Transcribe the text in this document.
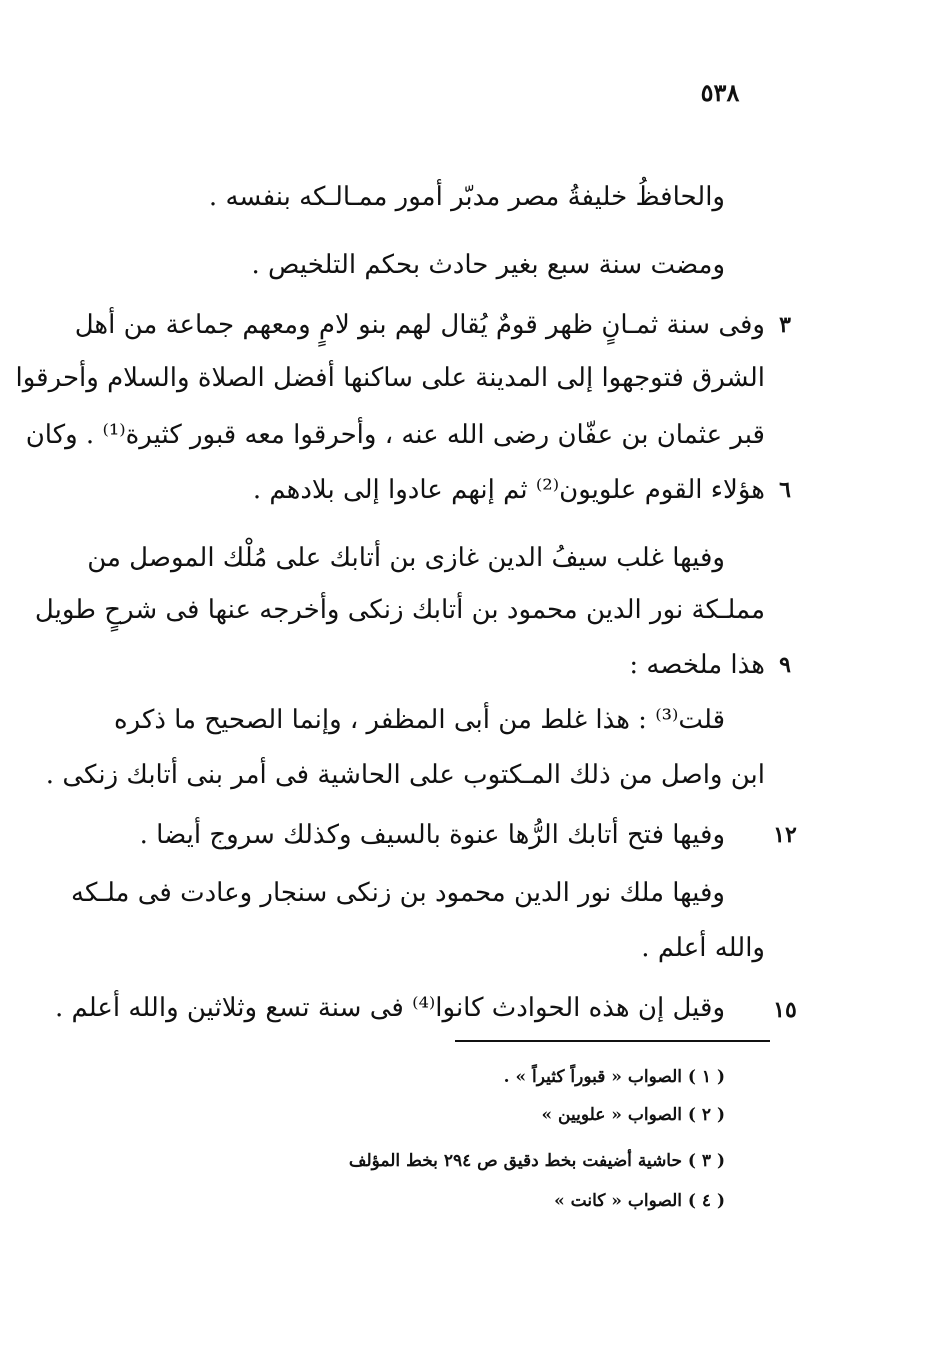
٥٣٨
والحافظُ خليفةُ مصر مدبّر أمور ممـالـكه بنفسه .
ومضت سنة سبع بغير حادث بحكم التلخيص .
وفى سنة ثمـانٍ ظهر قومٌ يُقال لهم بنو لامٍ ومعهم جماعة من أهل ٣
الشرق فتوجهوا إلى المدينة على ساكنها أفضل الصلاة والسلام وأحرقوا
قبر عثمان بن عفّان رضى الله عنه ، وأحرقوا معه قبور كثيرة⁽¹⁾ . وكان
هؤلاء القوم علويون⁽²⁾ ثم إنهم عادوا إلى بلادهم . ٦
وفيها غلب سيفُ الدين غازى بن أتابك على مُلْك الموصل من
مملـكة نور الدين محمود بن أتابك زنكى وأخرجه عنها فى شرحٍ طويل
هذا ملخصه : ٩
قلت⁽³⁾ : هذا غلط من أبى المظفر ، وإنما الصحيح ما ذكره
ابن واصل من ذلك المـكتوب على الحاشية فى أمر بنى أتابك زنكى .
وفيها فتح أتابك الرُّها عنوة بالسيف وكذلك سروج أيضا .	١٢
وفيها ملك نور الدين محمود بن زنكى سنجار وعادت فى ملـكه
والله أعلم .
وقيل إن هذه الحوادث كانوا⁽⁴⁾ فى سنة تسع وثلاثين والله أعلم .	١٥
( ١ ) الصواب « قبوراً كثيراً » .
( ٢ ) الصواب « علويين »
( ٣ ) حاشية أضيفت بخط دقيق ص ٢٩٤ بخط المؤلف
( ٤ ) الصواب « كانت »
